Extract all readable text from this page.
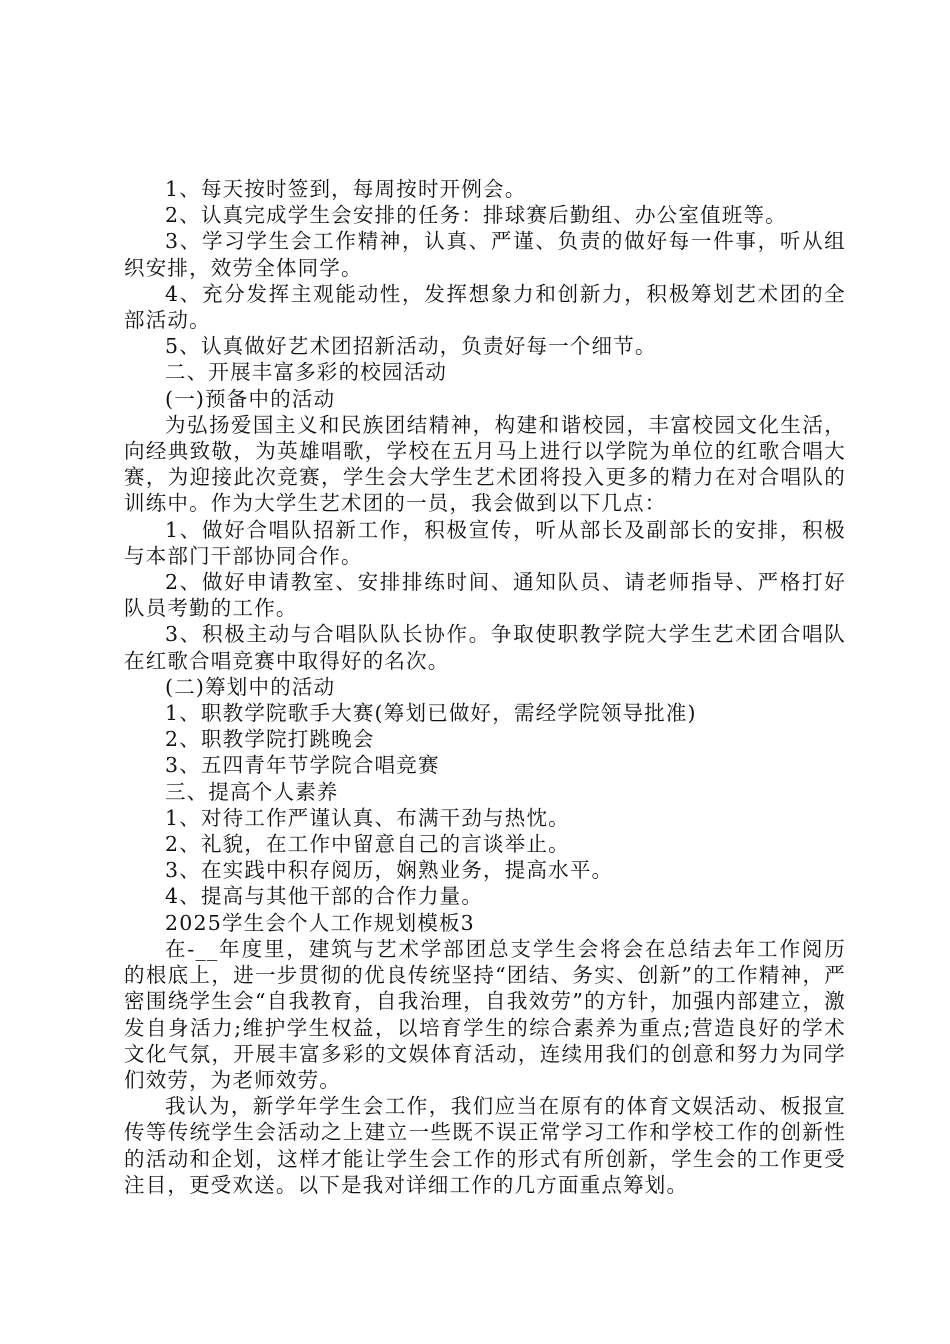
1、每天按时签到，每周按时开例会。

2、认真完成学生会安排的任务：排球赛后勤组、办公室值班等。

3、学习学生会工作精神，认真、严谨、负责的做好每一件事，听从组织安排，效劳全体同学。

4、充分发挥主观能动性，发挥想象力和创新力，积极筹划艺术团的全部活动。

5、认真做好艺术团招新活动，负责好每一个细节。

二、开展丰富多彩的校园活动

(一)预备中的活动

为弘扬爱国主义和民族团结精神，构建和谐校园，丰富校园文化生活，向经典致敬，为英雄唱歌，学校在五月马上进行以学院为单位的红歌合唱大赛，为迎接此次竞赛，学生会大学生艺术团将投入更多的精力在对合唱队的训练中。作为大学生艺术团的一员，我会做到以下几点：

1、做好合唱队招新工作，积极宣传，听从部长及副部长的安排，积极与本部门干部协同合作。

2、做好申请教室、安排排练时间、通知队员、请老师指导、严格打好队员考勤的工作。

3、积极主动与合唱队队长协作。争取使职教学院大学生艺术团合唱队在红歌合唱竞赛中取得好的名次。

(二)筹划中的活动

1、职教学院歌手大赛(筹划已做好，需经学院领导批准)

2、职教学院打跳晚会

3、五四青年节学院合唱竞赛

三、提高个人素养

1、对待工作严谨认真、布满干劲与热忱。

2、礼貌，在工作中留意自己的言谈举止。

3、在实践中积存阅历，娴熟业务，提高水平。

4、提高与其他干部的合作力量。

2025学生会个人工作规划模板3

在-__年度里，建筑与艺术学部团总支学生会将会在总结去年工作阅历的根底上，进一步贯彻的优良传统坚持“团结、务实、创新”的工作精神，严密围绕学生会“自我教育，自我治理，自我效劳”的方针，加强内部建立，激发自身活力;维护学生权益，以培育学生的综合素养为重点;营造良好的学术文化气氛，开展丰富多彩的文娱体育活动，连续用我们的创意和努力为同学们效劳，为老师效劳。

我认为，新学年学生会工作，我们应当在原有的体育文娱活动、板报宣传等传统学生会活动之上建立一些既不误正常学习工作和学校工作的创新性的活动和企划，这样才能让学生会工作的形式有所创新，学生会的工作更受注目，更受欢送。以下是我对详细工作的几方面重点筹划。
